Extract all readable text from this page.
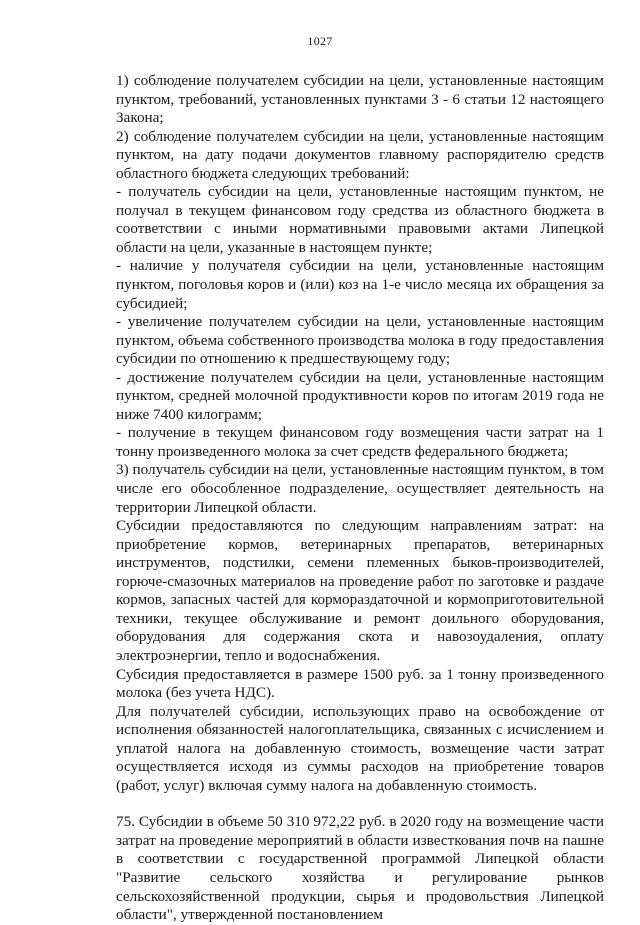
1027

1) соблюдение получателем субсидии на цели, установленные настоящим пунктом, требований, установленных пунктами 3 - 6 статьи 12 настоящего Закона;

2) соблюдение получателем субсидии на цели, установленные настоящим пунктом, на дату подачи документов главному распорядителю средств областного бюджета следующих требований:

- получатель субсидии на цели, установленные настоящим пунктом, не получал в текущем финансовом году средства из областного бюджета в соответствии с иными нормативными правовыми актами Липецкой области на цели, указанные в настоящем пункте;

- наличие у получателя субсидии на цели, установленные настоящим пунктом, поголовья коров и (или) коз на 1-е число месяца их обращения за субсидией;

- увеличение получателем субсидии на цели, установленные настоящим пунктом, объема собственного производства молока в году предоставления субсидии по отношению к предшествующему году;

- достижение получателем субсидии на цели, установленные настоящим пунктом, средней молочной продуктивности коров по итогам 2019 года не ниже 7400 килограмм;

- получение в текущем финансовом году возмещения части затрат на 1 тонну произведенного молока за счет средств федерального бюджета;

3) получатель субсидии на цели, установленные настоящим пунктом, в том числе его обособленное подразделение, осуществляет деятельность на территории Липецкой области.

Субсидии предоставляются по следующим направлениям затрат: на приобретение кормов, ветеринарных препаратов, ветеринарных инструментов, подстилки, семени племенных быков-производителей, горюче-смазочных материалов на проведение работ по заготовке и раздаче кормов, запасных частей для кормораздаточной и кормоприготовительной техники, текущее обслуживание и ремонт доильного оборудования, оборудования для содержания скота и навозоудаления, оплату электроэнергии, тепло и водоснабжения.

Субсидия предоставляется в размере 1500 руб. за 1 тонну произведенного молока (без учета НДС).

Для получателей субсидии, использующих право на освобождение от исполнения обязанностей налогоплательщика, связанных с исчислением и уплатой налога на добавленную стоимость, возмещение части затрат осуществляется исходя из суммы расходов на приобретение товаров (работ, услуг) включая сумму налога на добавленную стоимость.

75. Субсидии в объеме 50 310 972,22 руб. в 2020 году на возмещение части затрат на проведение мероприятий в области известкования почв на пашне в соответствии с государственной программой Липецкой области "Развитие сельского хозяйства и регулирование рынков сельскохозяйственной продукции, сырья и продовольствия Липецкой области", утвержденной постановлением
